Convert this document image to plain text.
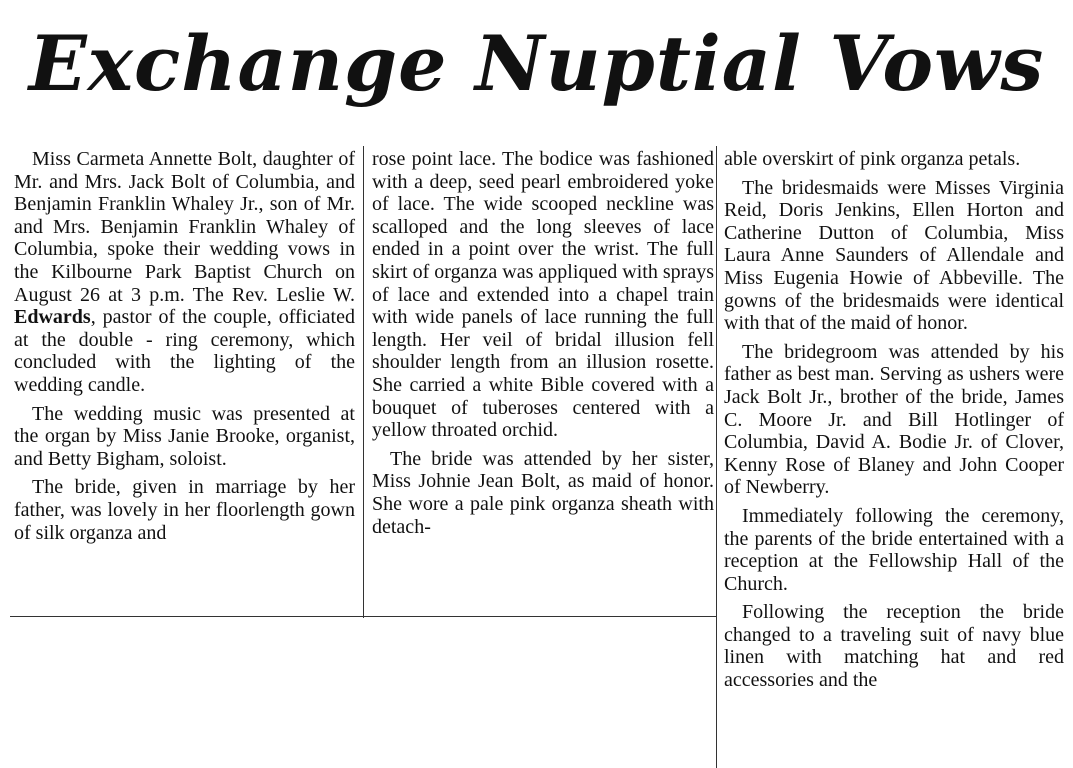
Exchange Nuptial Vows

Miss Carmeta Annette Bolt, daughter of Mr. and Mrs. Jack Bolt of Columbia, and Benjamin Franklin Whaley Jr., son of Mr. and Mrs. Benjamin Franklin Whaley of Columbia, spoke their wedding vows in the Kilbourne Park Baptist Church on August 26 at 3 p.m. The Rev. Leslie W. Edwards, pastor of the couple, officiated at the double - ring ceremony, which concluded with the lighting of the wedding candle.

The wedding music was presented at the organ by Miss Janie Brooke, organist, and Betty Bigham, soloist.

The bride, given in marriage by her father, was lovely in her floorlength gown of silk organza and

rose point lace. The bodice was fashioned with a deep, seed pearl embroidered yoke of lace. The wide scooped neckline was scalloped and the long sleeves of lace ended in a point over the wrist. The full skirt of organza was appliqued with sprays of lace and extended into a chapel train with wide panels of lace running the full length. Her veil of bridal illusion fell shoulder length from an illusion rosette. She carried a white Bible covered with a bouquet of tuberoses centered with a yellow throated orchid.

The bride was attended by her sister, Miss Johnie Jean Bolt, as maid of honor. She wore a pale pink organza sheath with detach-

able overskirt of pink organza petals.

The bridesmaids were Misses Virginia Reid, Doris Jenkins, Ellen Horton and Catherine Dutton of Columbia, Miss Laura Anne Saunders of Allendale and Miss Eugenia Howie of Abbeville. The gowns of the bridesmaids were identical with that of the maid of honor.

The bridegroom was attended by his father as best man. Serving as ushers were Jack Bolt Jr., brother of the bride, James C. Moore Jr. and Bill Hotlinger of Columbia, David A. Bodie Jr. of Clover, Kenny Rose of Blaney and John Cooper of Newberry.

Immediately following the ceremony, the parents of the bride entertained with a reception at the Fellowship Hall of the Church.

Following the reception the bride changed to a traveling suit of navy blue linen with matching hat and red accessories and the
